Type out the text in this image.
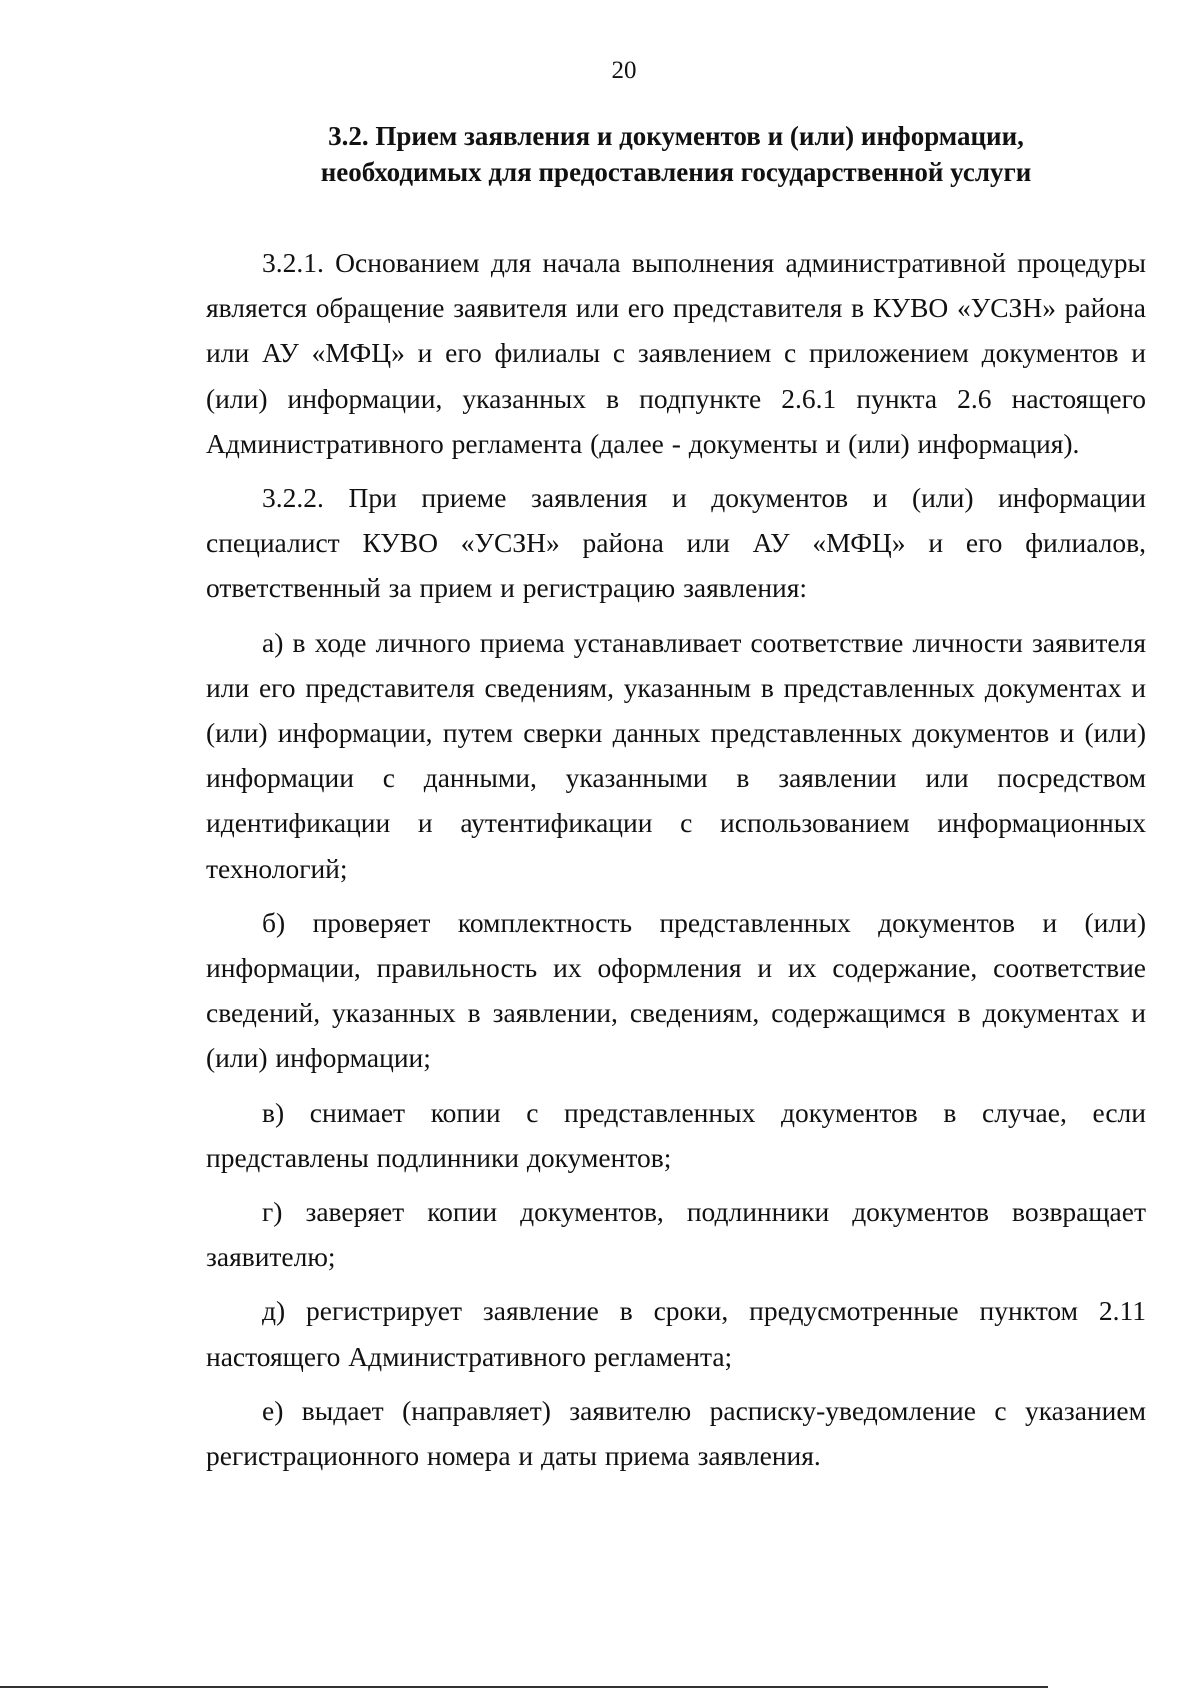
20
3.2. Прием заявления и документов и (или) информации,
необходимых для предоставления государственной услуги

3.2.1. Основанием для начала выполнения административной процедуры является обращение заявителя или его представителя в КУВО «УСЗН» района или АУ «МФЦ» и его филиалы с заявлением с приложением документов и (или) информации, указанных в подпункте 2.6.1 пункта 2.6 настоящего Административного регламента (далее - документы и (или) информация).

3.2.2. При приеме заявления и документов и (или) информации специалист КУВО «УСЗН» района или АУ «МФЦ» и его филиалов, ответственный за прием и регистрацию заявления:

а) в ходе личного приема устанавливает соответствие личности заявителя или его представителя сведениям, указанным в представленных документах и (или) информации, путем сверки данных представленных документов и (или) информации с данными, указанными в заявлении или посредством идентификации и аутентификации с использованием информационных технологий;

б) проверяет комплектность представленных документов и (или) информации, правильность их оформления и их содержание, соответствие сведений, указанных в заявлении, сведениям, содержащимся в документах и (или) информации;

в) снимает копии с представленных документов в случае, если представлены подлинники документов;

г) заверяет копии документов, подлинники документов возвращает заявителю;

д) регистрирует заявление в сроки, предусмотренные пунктом 2.11 настоящего Административного регламента;

е) выдает (направляет) заявителю расписку-уведомление с указанием регистрационного номера и даты приема заявления.
